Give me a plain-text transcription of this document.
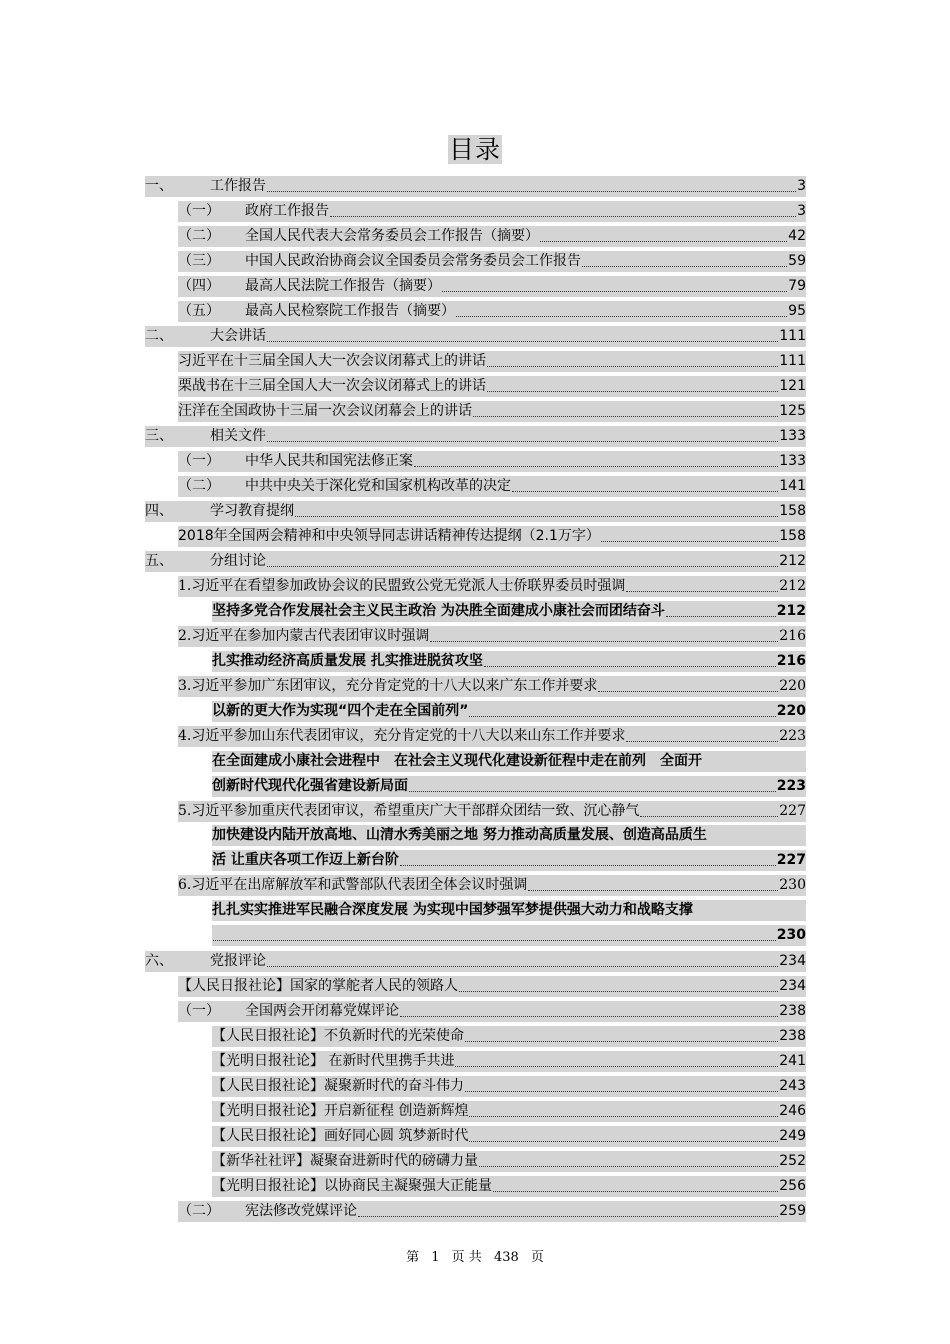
目录
一、	工作报告	3
（一）	政府工作报告	3
（二）	全国人民代表大会常务委员会工作报告（摘要）	42
（三）	中国人民政治协商会议全国委员会常务委员会工作报告	59
（四）	最高人民法院工作报告（摘要）	79
（五）	最高人民检察院工作报告（摘要）	95
二、	大会讲话	111
习近平在十三届全国人大一次会议闭幕式上的讲话	111
栗战书在十三届全国人大一次会议闭幕式上的讲话	121
汪洋在全国政协十三届一次会议闭幕会上的讲话	125
三、	相关文件	133
（一）	中华人民共和国宪法修正案	133
（二）	中共中央关于深化党和国家机构改革的决定	141
四、	学习教育提纲	158
2018年全国两会精神和中央领导同志讲话精神传达提纲（2.1万字）	158
五、	分组讨论	212
1.习近平在看望参加政协会议的民盟致公党无党派人士侨联界委员时强调	212
坚持多党合作发展社会主义民主政治 为决胜全面建成小康社会而团结奋斗	212
2.习近平在参加内蒙古代表团审议时强调	216
扎实推动经济高质量发展 扎实推进脱贫攻坚	216
3.习近平参加广东团审议，充分肯定党的十八大以来广东工作并要求	220
以新的更大作为实现“四个走在全国前列”	220
4.习近平参加山东代表团审议，充分肯定党的十八大以来山东工作并要求	223
在全面建成小康社会进程中　在社会主义现代化建设新征程中走在前列　全面开
创新时代现代化强省建设新局面	223
5.习近平参加重庆代表团审议，希望重庆广大干部群众团结一致、沉心静气	227
加快建设内陆开放高地、山清水秀美丽之地 努力推动高质量发展、创造高品质生
活 让重庆各项工作迈上新台阶	227
6.习近平在出席解放军和武警部队代表团全体会议时强调	230
扎扎实实推进军民融合深度发展 为实现中国梦强军梦提供强大动力和战略支撑
230
六、	党报评论	234
【人民日报社论】国家的掌舵者人民的领路人	234
（一）	全国两会开闭幕党媒评论	238
【人民日报社论】不负新时代的光荣使命	238
【光明日报社论】 在新时代里携手共进	241
【人民日报社论】凝聚新时代的奋斗伟力	243
【光明日报社论】开启新征程 创造新辉煌	246
【人民日报社论】画好同心圆 筑梦新时代	249
【新华社社评】凝聚奋进新时代的磅礴力量	252
【光明日报社论】以协商民主凝聚强大正能量	256
（二）	宪法修改党媒评论	259
第 1 页 共 438 页
